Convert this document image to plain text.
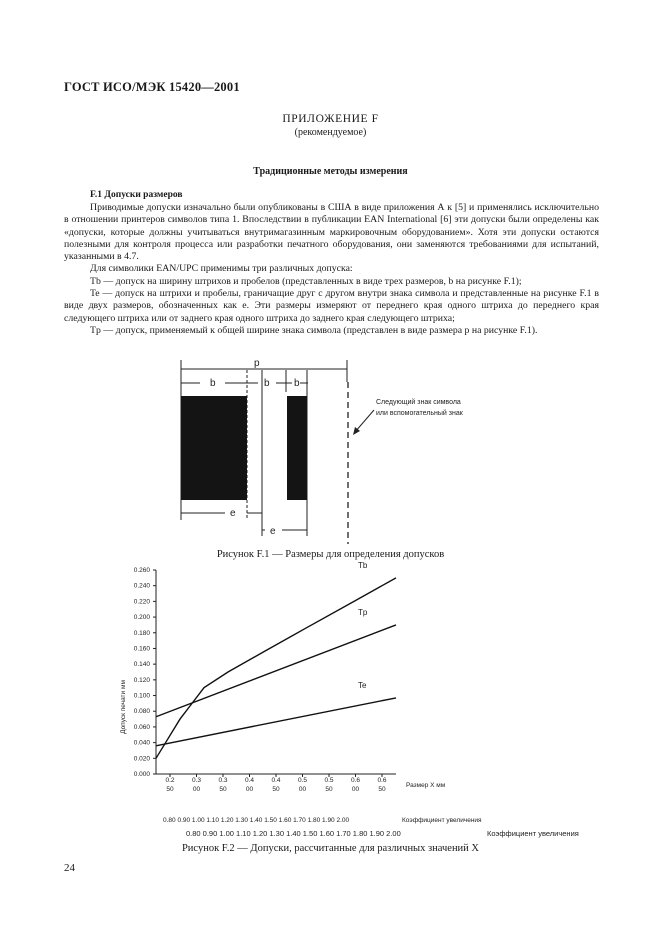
ГОСТ ИСО/МЭК 15420—2001
ПРИЛОЖЕНИЕ F
(рекомендуемое)
Традиционные методы измерения
F.1 Допуски размеров

Приводимые допуски изначально были опубликованы в США в виде приложения А к [5] и применялись исключительно в отношении принтеров символов типа 1. Впоследствии в публикации EAN International [6] эти допуски были определены как «допуски, которые должны учитываться внутримагазинным маркировочным оборудованием». Хотя эти допуски остаются полезными для контроля процесса или разработки печатного оборудования, они заменяются требованиями для испытаний, указанными в 4.7.

Для символики EAN/UPC применимы три различных допуска:

Tb — допуск на ширину штрихов и пробелов (представленных в виде трех размеров, b на рисунке F.1);

Te — допуск на штрихи и пробелы, граничащие друг с другом внутри знака символа и представленные на рисунке F.1 в виде двух размеров, обозначенных как е. Эти размеры измеряют от переднего края одного штриха до переднего края следующего штриха или от заднего края одного штриха до заднего края следующего штриха;

Tp — допуск, применяемый к общей ширине знака символа (представлен в виде размера р на рисунке F.1).

p
b	b b
e
e
Следующий знак символа
или вспомогательный знак
Рисунок F.1 — Размеры для определения допусков
Допуск печати мм
0.260
0.240
0.220
0.200
0.180
0.160
0.140
0.120
0.100
0.080
0.060
0.040
0.020
0.000
0.2
50
0.3
00
0.3
50
0.4
00
0.4
50
0.5
00
0.5
50
0.6
00
0.6
50
Tb
Tp
Te
Размер Х мм
0.80 0.90 1.00 1.10 1.20 1.30 1.40 1.50 1.60 1.70 1.80 1.90 2.00	Коэффициент увеличения
0.80 0.90 1.00 1.10 1.20 1.30 1.40 1.50 1.60 1.70 1.80 1.90 2.00	Коэффициент увеличения
Рисунок F.2 — Допуски, рассчитанные для различных значений Х
24
